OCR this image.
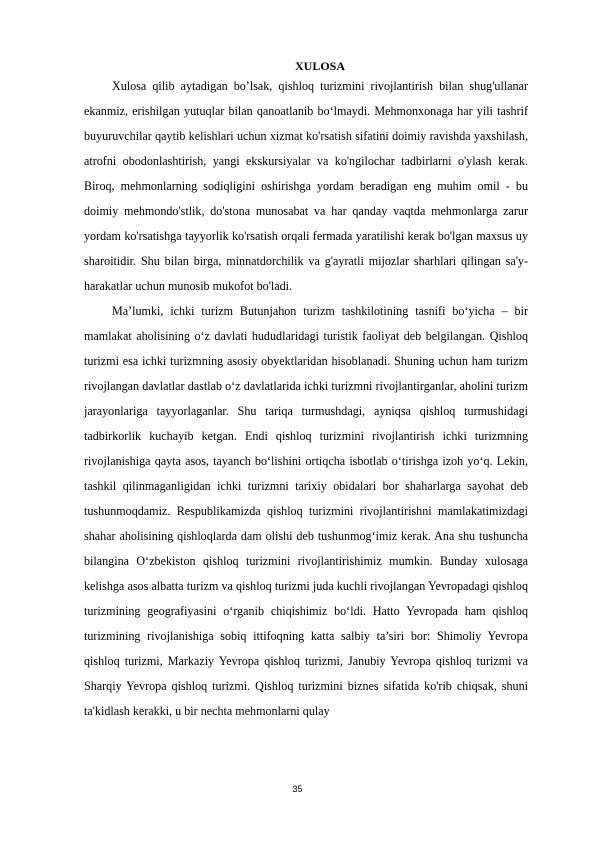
XULOSA

Xulosa qilib aytadigan bo’lsak, qishloq turizmini rivojlantirish bilan shug'ullanar ekanmiz, erishilgan yutuqlar bilan qanoatlanib bo‘lmaydi. Mehmonxonaga har yili tashrif buyuruvchilar qaytib kelishlari uchun xizmat ko'rsatish sifatini doimiy ravishda yaxshilash, atrofni obodonlashtirish, yangi ekskursiyalar va ko'ngilochar tadbirlarni o'ylash kerak. Biroq, mehmonlarning sodiqligini oshirishga yordam beradigan eng muhim omil - bu doimiy mehmondo'stlik, do'stona munosabat va har qanday vaqtda mehmonlarga zarur yordam ko'rsatishga tayyorlik ko'rsatish orqali fermada yaratilishi kerak bo'lgan maxsus uy sharoitidir. Shu bilan birga, minnatdorchilik va g'ayratli mijozlar sharhlari qilingan sa'y-harakatlar uchun munosib mukofot bo'ladi.

Ma’lumki, ichki turizm Butunjahon turizm tashkilotining tasnifi bo‘yicha – bir mamlakat aholisining o‘z davlati hududlaridagi turistik faoliyat deb belgilangan. Qishloq turizmi esa ichki turizmning asosiy obyektlaridan hisoblanadi. Shuning uchun ham turizm rivojlangan davlatlar dastlab o‘z davlatlarida ichki turizmni rivojlantirganlar, aholini turizm jarayonlariga tayyorlaganlar. Shu tariqa turmushdagi, ayniqsa qishloq turmushidagi tadbirkorlik kuchayib ketgan. Endi qishloq turizmini rivojlantirish ichki turizmning rivojlanishiga qayta asos, tayanch bo‘lishini ortiqcha isbotlab o‘tirishga izoh yo‘q. Lekin, tashkil qilinmaganligidan ichki turizmni tarixiy obidalari bor shaharlarga sayohat deb tushunmoqdamiz. Respublikamizda qishloq turizmini rivojlantirishni mamlakatimizdagi shahar aholisining qishloqlarda dam olishi deb tushunmog‘imiz kerak. Ana shu tushuncha bilangina O‘zbekiston qishloq turizmini rivojlantirishimiz mumkin. Bunday xulosaga kelishga asos albatta turizm va qishloq turizmi juda kuchli rivojlangan Yevropadagi qishloq turizmining geografiyasini o‘rganib chiqishimiz bo‘ldi. Hatto Yevropada ham qishloq turizmining rivojlanishiga sobiq ittifoqning katta salbiy ta’siri bor: Shimoliy Yevropa qishloq turizmi, Markaziy Yevropa qishloq turizmi, Janubiy Yevropa qishloq turizmi va Sharqiy Yevropa qishloq turizmi. Qishloq turizmini biznes sifatida ko'rib chiqsak, shuni ta'kidlash kerakki, u bir nechta mehmonlarni qulay

35
